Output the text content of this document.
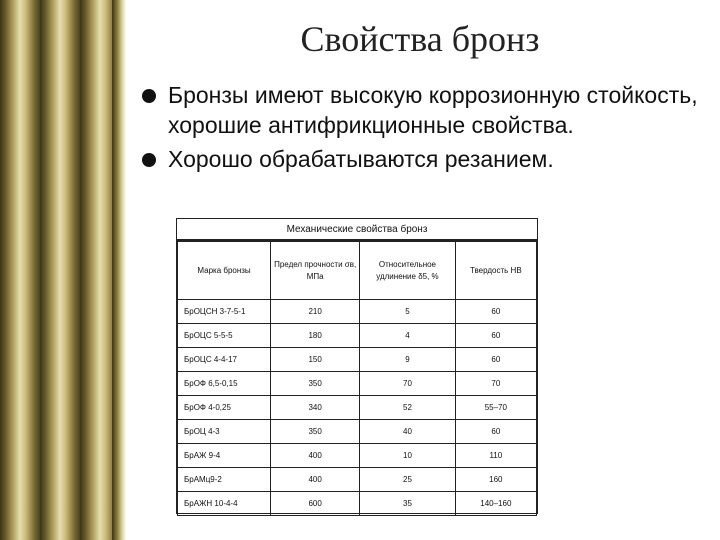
Свойства бронз
Бронзы имеют высокую коррозионную стойкость, хорошие антифрикционные свойства.
Хорошо обрабатываются резанием.
Механические свойства бронз
Марка бронзы	Предел прочности σв, МПа	Относительное удлинение δ5, %	Твердость НВ
БрОЦСН 3-7-5-1	210	5	60
БрОЦС 5-5-5	180	4	60
БрОЦС 4-4-17	150	9	60
БрОФ 6,5-0,15	350	70	70
БрОФ 4-0,25	340	52	55–70
БрОЦ 4-3	350	40	60
БрАЖ 9-4	400	10	110
БрАМц9-2	400	25	160
БрАЖН 10-4-4	600	35	140–160
